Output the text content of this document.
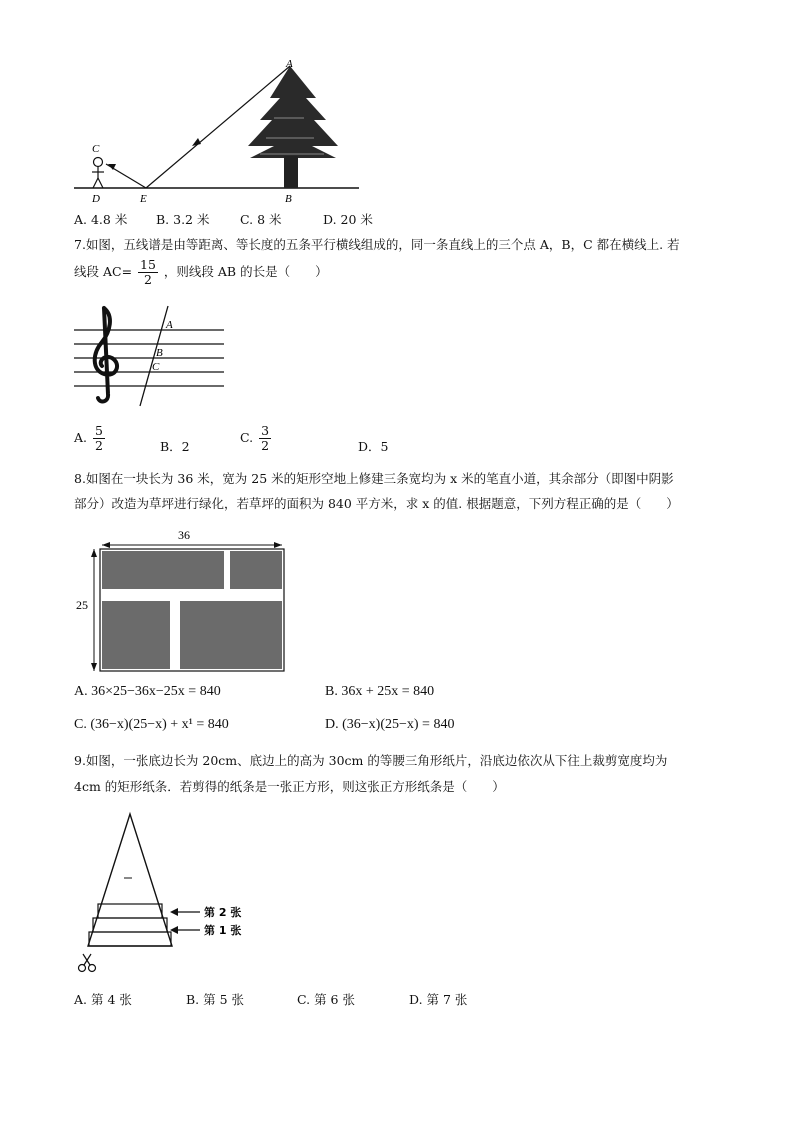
A
B
C
D	E
A. 4.8 米 B. 3.2 米 C. 8 米	D. 20 米
7.如图，五线谱是由等距离、等长度的五条平行横线组成的，同一条直线上的三个点 A，B，C 都在横线上. 若
线段 $AC= \frac{15}{2}$ ，则线段 AB 的长是（　　）
A
B
C
A. $\frac{5}{2}$	B．2
C. $\frac{3}{2}$	D．5
8.如图在一块长为 36 米，宽为 25 米的矩形空地上修建三条宽均为 x 米的笔直小道，其余部分（即图中阴影
部分）改造为草坪进行绿化，若草坪的面积为 840 平方米，求 x 的值. 根据题意，下列方程正确的是（　　）
36
25
A. 36×25−36x−25x = 840	B. 36x + 25x = 840
C. (36−x)(25−x) + x¹ = 840	D. (36−x)(25−x) = 840
9.如图，一张底边长为 20cm、底边上的高为 30cm 的等腰三角形纸片，沿底边依次从下往上裁剪宽度均为
4cm 的矩形纸条．若剪得的纸条是一张正方形，则这张正方形纸条是（　　）
第 2 张
第 1 张
A. 第 4 张	B. 第 5 张	C. 第 6 张	D. 第 7 张
